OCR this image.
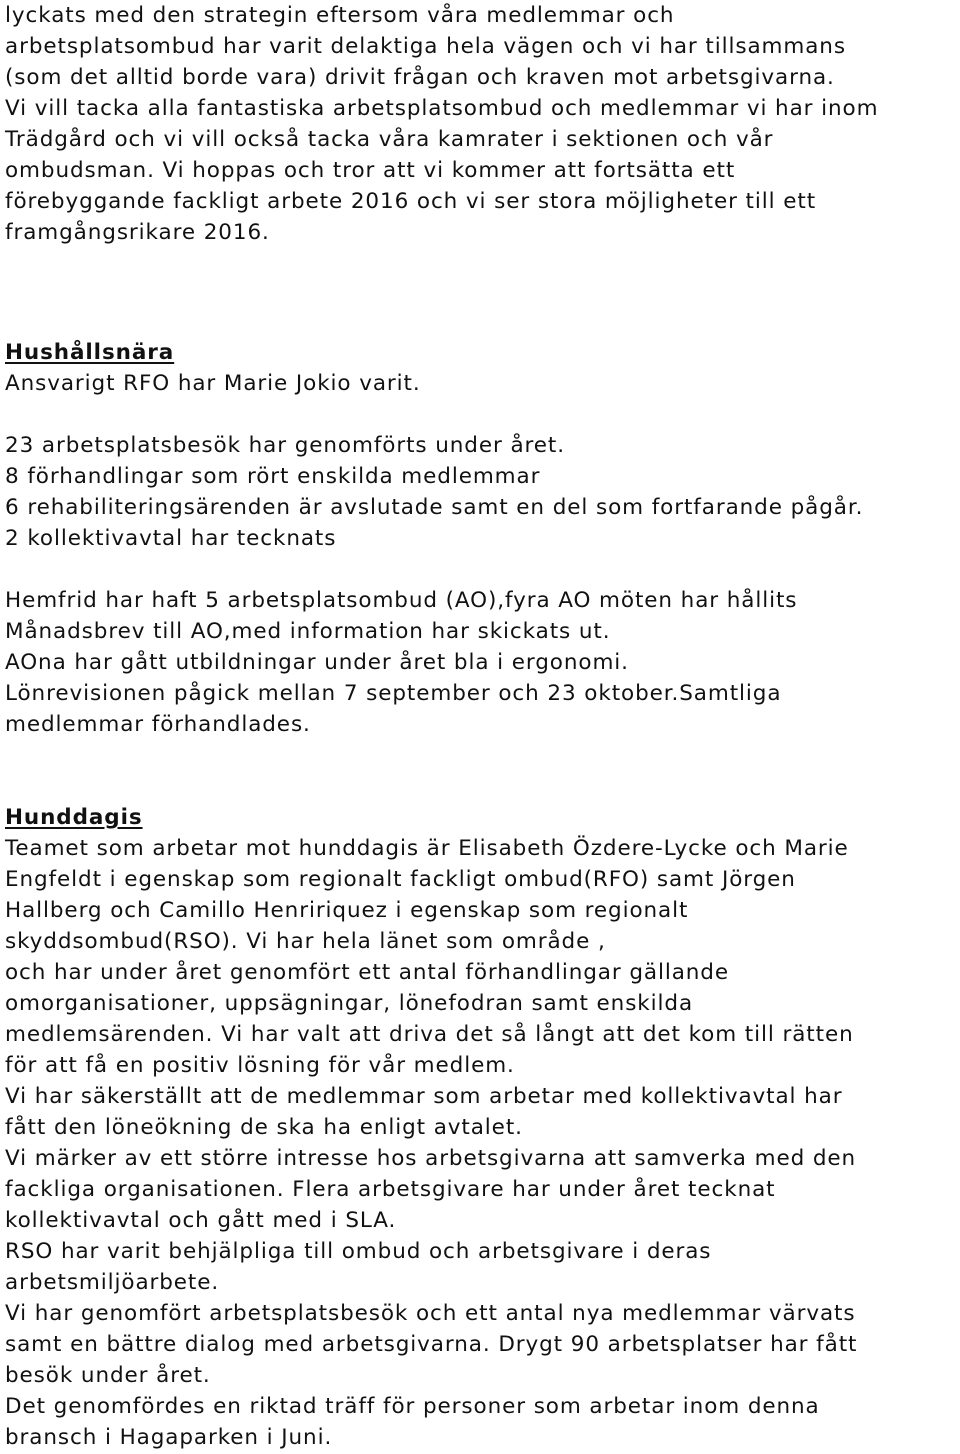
lyckats med den strategin eftersom våra medlemmar och
arbetsplatsombud har varit delaktiga hela vägen och vi har tillsammans
(som det alltid borde vara) drivit frågan och kraven mot arbetsgivarna.
Vi vill tacka alla fantastiska arbetsplatsombud och medlemmar vi har inom
Trädgård och vi vill också tacka våra kamrater i sektionen och vår
ombudsman. Vi hoppas och tror att vi kommer att fortsätta ett
förebyggande fackligt arbete 2016 och vi ser stora möjligheter till ett
framgångsrikare 2016.
Hushållsnära
Ansvarigt RFO har Marie Jokio varit.
23 arbetsplatsbesök har genomförts under året.
8 förhandlingar som rört enskilda medlemmar
6 rehabiliteringsärenden är avslutade samt en del som fortfarande pågår.
2 kollektivavtal har tecknats
Hemfrid har haft 5 arbetsplatsombud (AO),fyra AO möten har hållits
Månadsbrev till AO,med information har skickats ut.
AOna har gått utbildningar under året bla i ergonomi.
Lönrevisionen pågick mellan 7 september och 23 oktober.Samtliga
medlemmar förhandlades.
Hunddagis
Teamet som arbetar mot hunddagis är Elisabeth Özdere-Lycke och Marie
Engfeldt i egenskap som regionalt fackligt ombud(RFO) samt Jörgen
Hallberg och Camillo Henririquez i egenskap som regionalt
skyddsombud(RSO). Vi har hela länet som område ,
och har under året genomfört ett antal förhandlingar gällande
omorganisationer, uppsägningar, lönefodran samt enskilda
medlemsärenden. Vi har valt att driva det så långt att det kom till rätten
för att få en positiv lösning för vår medlem.
Vi har säkerställt att de medlemmar som arbetar med kollektivavtal har
fått den löneökning de ska ha enligt avtalet.
Vi märker av ett större intresse hos arbetsgivarna att samverka med den
fackliga organisationen. Flera arbetsgivare har under året tecknat
kollektivavtal och gått med i SLA.
RSO har varit behjälpliga till ombud och arbetsgivare i deras
arbetsmiljöarbete.
Vi har genomfört arbetsplatsbesök och ett antal nya medlemmar värvats
samt en bättre dialog med arbetsgivarna. Drygt 90 arbetsplatser har fått
besök under året.
Det genomfördes en riktad träff för personer som arbetar inom denna
bransch i Hagaparken i Juni.
